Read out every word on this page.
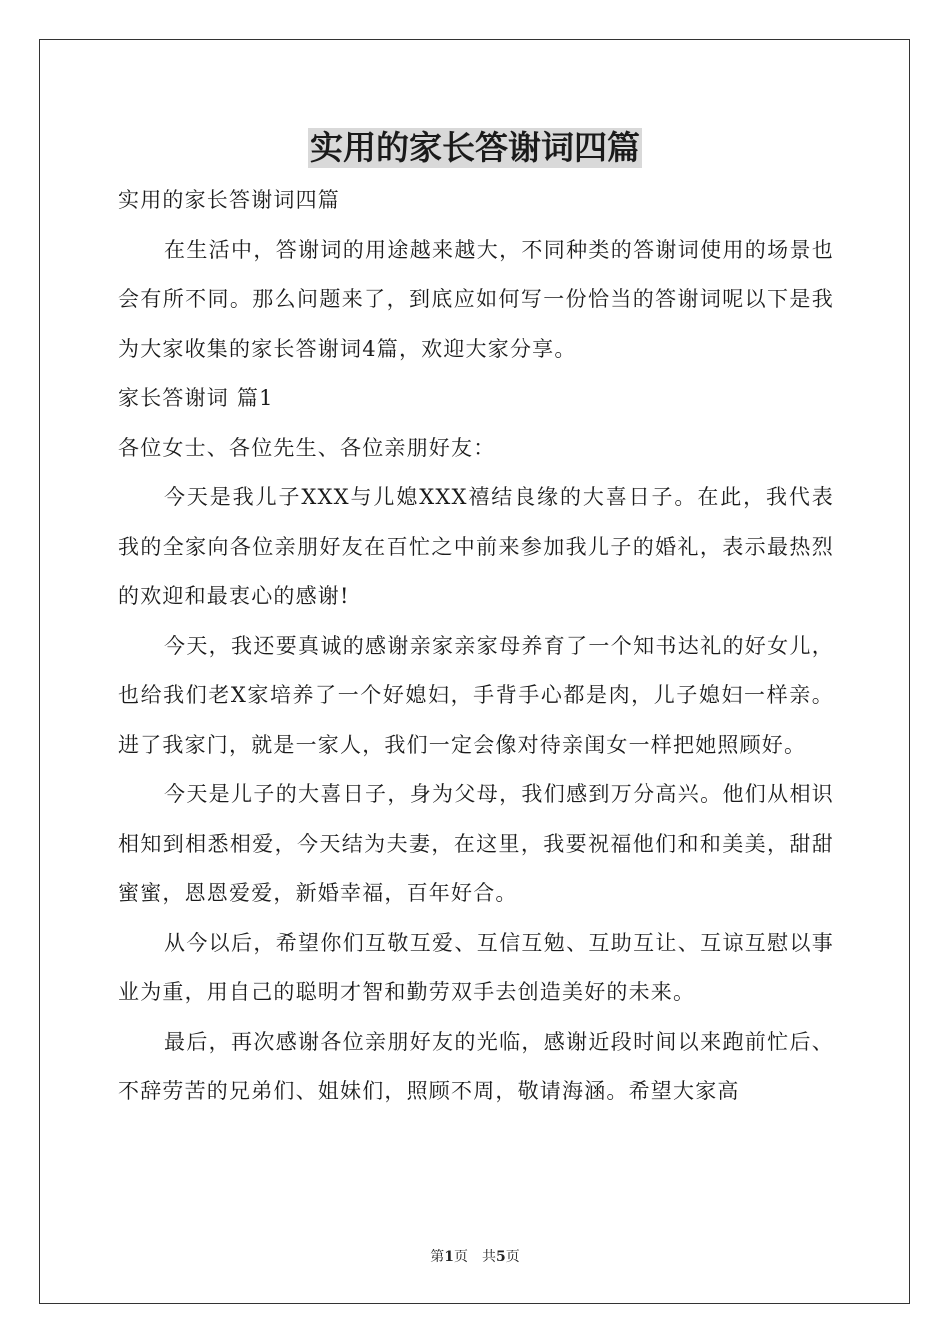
实用的家长答谢词四篇

实用的家长答谢词四篇

在生活中，答谢词的用途越来越大，不同种类的答谢词使用的场景也会有所不同。那么问题来了，到底应如何写一份恰当的答谢词呢以下是我为大家收集的家长答谢词4篇，欢迎大家分享。

家长答谢词 篇1

各位女士、各位先生、各位亲朋好友：

今天是我儿子XXX与儿媳XXX禧结良缘的大喜日子。在此，我代表我的全家向各位亲朋好友在百忙之中前来参加我儿子的婚礼，表示最热烈的欢迎和最衷心的感谢!

今天，我还要真诚的感谢亲家亲家母养育了一个知书达礼的好女儿，也给我们老X家培养了一个好媳妇，手背手心都是肉，儿子媳妇一样亲。进了我家门，就是一家人，我们一定会像对待亲闺女一样把她照顾好。

今天是儿子的大喜日子，身为父母，我们感到万分高兴。他们从相识相知到相悉相爱，今天结为夫妻，在这里，我要祝福他们和和美美，甜甜蜜蜜，恩恩爱爱，新婚幸福，百年好合。

从今以后，希望你们互敬互爱、互信互勉、互助互让、互谅互慰以事业为重，用自己的聪明才智和勤劳双手去创造美好的未来。

最后，再次感谢各位亲朋好友的光临，感谢近段时间以来跑前忙后、不辞劳苦的兄弟们、姐妹们，照顾不周，敬请海涵。希望大家高

第1页 共5页
